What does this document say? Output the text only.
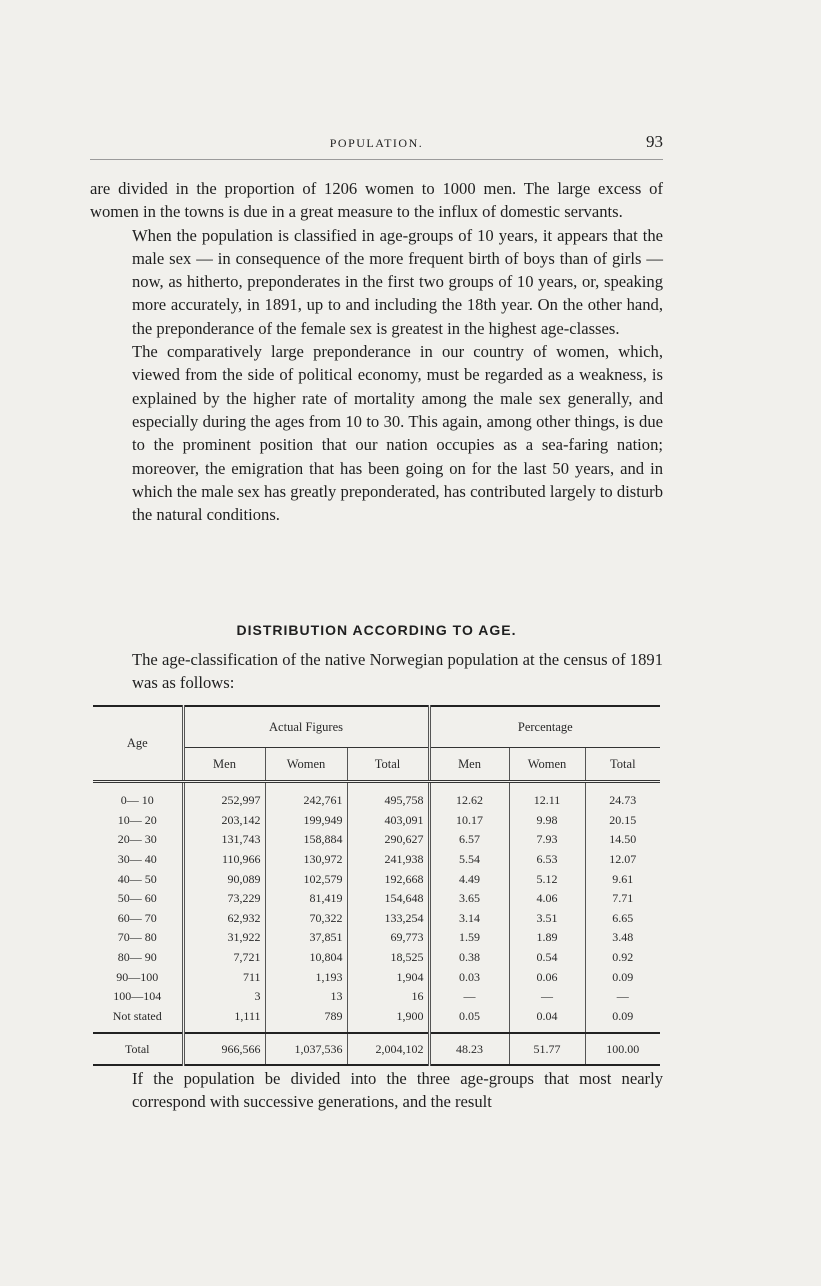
POPULATION.	93

are divided in the proportion of 1206 women to 1000 men. The large excess of women in the towns is due in a great measure to the influx of domestic servants.

When the population is classified in age-groups of 10 years, it appears that the male sex — in consequence of the more frequent birth of boys than of girls — now, as hitherto, preponderates in the first two groups of 10 years, or, speaking more accurately, in 1891, up to and including the 18th year. On the other hand, the preponderance of the female sex is greatest in the highest age-classes.

The comparatively large preponderance in our country of women, which, viewed from the side of political economy, must be regarded as a weakness, is explained by the higher rate of mortality among the male sex generally, and especially during the ages from 10 to 30. This again, among other things, is due to the prominent position that our nation occupies as a sea-faring nation; moreover, the emigration that has been going on for the last 50 years, and in which the male sex has greatly preponderated, has contributed largely to disturb the natural conditions.

DISTRIBUTION ACCORDING TO AGE.

The age-classification of the native Norwegian population at the census of 1891 was as follows:

Age	Actual Figures			Percentage		
	Men	Women	Total	Men	Women	Total
0— 10	252,997	242,761	495,758	12.62	12.11	24.73
10— 20	203,142	199,949	403,091	10.17	9.98	20.15
20— 30	131,743	158,884	290,627	6.57	7.93	14.50
30— 40	110,966	130,972	241,938	5.54	6.53	12.07
40— 50	90,089	102,579	192,668	4.49	5.12	9.61
50— 60	73,229	81,419	154,648	3.65	4.06	7.71
60— 70	62,932	70,322	133,254	3.14	3.51	6.65
70— 80	31,922	37,851	69,773	1.59	1.89	3.48
80— 90	7,721	10,804	18,525	0.38	0.54	0.92
90—100	711	1,193	1,904	0.03	0.06	0.09
100—104	3	13	16	—	—	—
Not stated	1,111	789	1,900	0.05	0.04	0.09
Total	966,566	1,037,536	2,004,102	48.23	51.77	100.00

If the population be divided into the three age-groups that most nearly correspond with successive generations, and the result
